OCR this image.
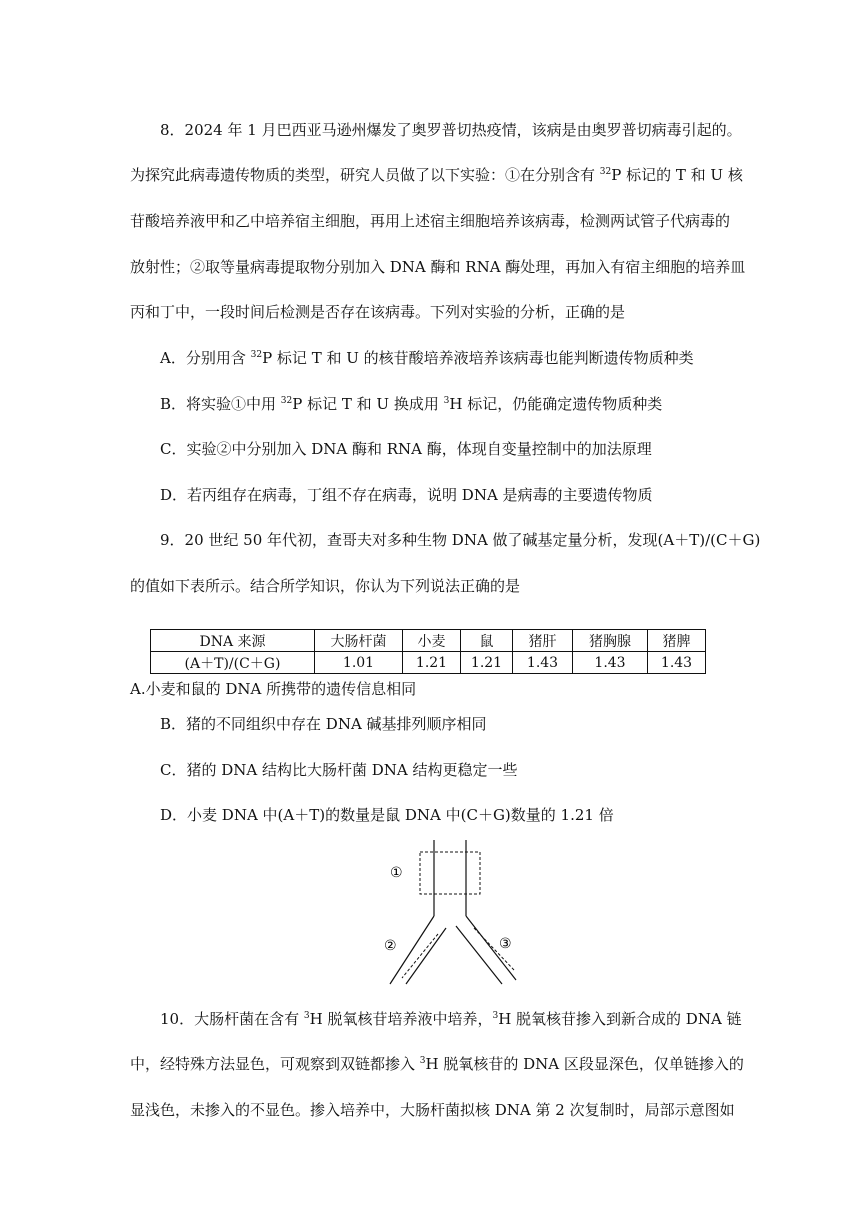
8．2024 年 1 月巴西亚马逊州爆发了奥罗普切热疫情，该病是由奥罗普切病毒引起的。
为探究此病毒遗传物质的类型，研究人员做了以下实验：①在分别含有 $^{32}$P 标记的 T 和 U 核
苷酸培养液甲和乙中培养宿主细胞，再用上述宿主细胞培养该病毒，检测两试管子代病毒的
放射性；②取等量病毒提取物分别加入 DNA 酶和 RNA 酶处理，再加入有宿主细胞的培养皿
丙和丁中，一段时间后检测是否存在该病毒。下列对实验的分析，正确的是
A．分别用含 $^{32}$P 标记 T 和 U 的核苷酸培养液培养该病毒也能判断遗传物质种类
B．将实验①中用 $^{32}$P 标记 T 和 U 换成用 $^3$H 标记，仍能确定遗传物质种类
C．实验②中分别加入 DNA 酶和 RNA 酶，体现自变量控制中的加法原理
D．若丙组存在病毒，丁组不存在病毒，说明 DNA 是病毒的主要遗传物质
9．20 世纪 50 年代初，查哥夫对多种生物 DNA 做了碱基定量分析，发现(A＋T)/(C＋G)
的值如下表所示。结合所学知识，你认为下列说法正确的是
DNA 来源	大肠杆菌	小麦	鼠	猪肝	猪胸腺	猪脾
(A＋T)/(C＋G)	1.01	1.21	1.21	1.43	1.43	1.43
A.小麦和鼠的 DNA 所携带的遗传信息相同
B．猪的不同组织中存在 DNA 碱基排列顺序相同
C．猪的 DNA 结构比大肠杆菌 DNA 结构更稳定一些
D．小麦 DNA 中(A＋T)的数量是鼠 DNA 中(C＋G)数量的 1.21 倍
①
②	③
10．大肠杆菌在含有 $^3$H 脱氧核苷培养液中培养，$^3$H 脱氧核苷掺入到新合成的 DNA 链
中，经特殊方法显色，可观察到双链都掺入 $^3$H 脱氧核苷的 DNA 区段显深色，仅单链掺入的
显浅色，未掺入的不显色。掺入培养中，大肠杆菌拟核 DNA 第 2 次复制时，局部示意图如
